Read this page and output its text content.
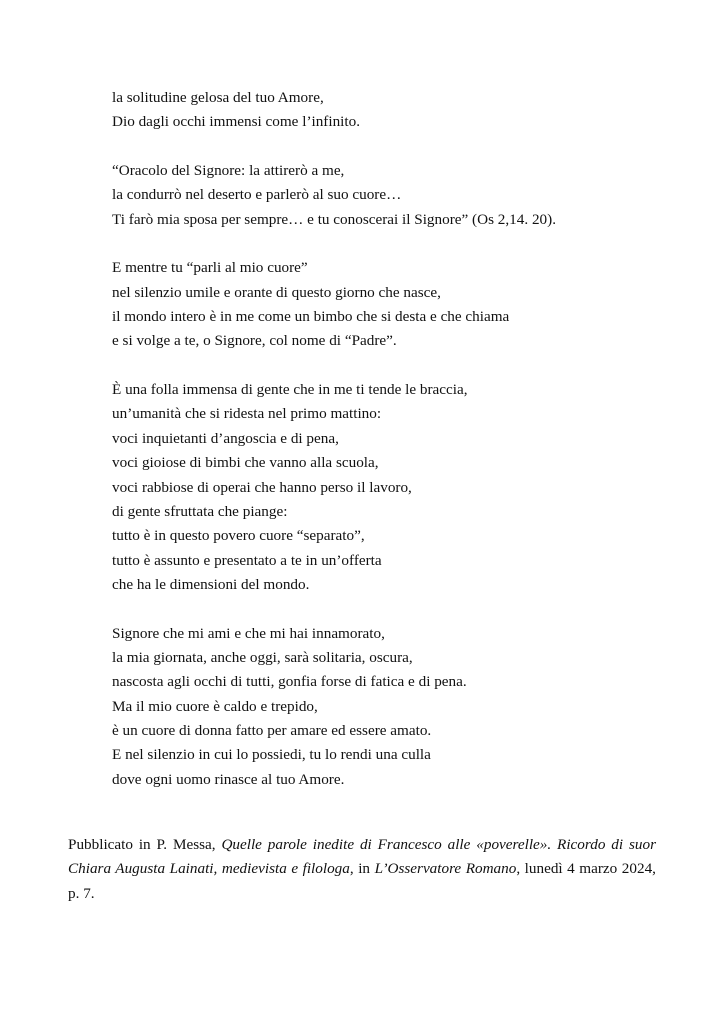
la solitudine gelosa del tuo Amore,
Dio dagli occhi immensi come l’infinito.
“Oracolo del Signore: la attirerò a me,
la condurrò nel deserto e parlerò al suo cuore…
Ti farò mia sposa per sempre… e tu conoscerai il Signore” (Os 2,14. 20).
E mentre tu “parli al mio cuore”
nel silenzio umile e orante di questo giorno che nasce,
il mondo intero è in me come un bimbo che si desta e che chiama
e si volge a te, o Signore, col nome di “Padre”.
È una folla immensa di gente che in me ti tende le braccia,
un’umanità che si ridesta nel primo mattino:
voci inquietanti d’angoscia e di pena,
voci gioiose di bimbi che vanno alla scuola,
voci rabbiose di operai che hanno perso il lavoro,
di gente sfruttata che piange:
tutto è in questo povero cuore “separato”,
tutto è assunto e presentato a te in un’offerta
che ha le dimensioni del mondo.
Signore che mi ami e che mi hai innamorato,
la mia giornata, anche oggi, sarà solitaria, oscura,
nascosta agli occhi di tutti, gonfia forse di fatica e di pena.
Ma il mio cuore è caldo e trepido,
è un cuore di donna fatto per amare ed essere amato.
E nel silenzio in cui lo possiedi, tu lo rendi una culla
dove ogni uomo rinasce al tuo Amore.

Pubblicato in P. Messa, Quelle parole inedite di Francesco alle «poverelle». Ricordo di suor Chiara Augusta Lainati, medievista e filologa, in L’Osservatore Romano, lunedì 4 marzo 2024, p. 7.
